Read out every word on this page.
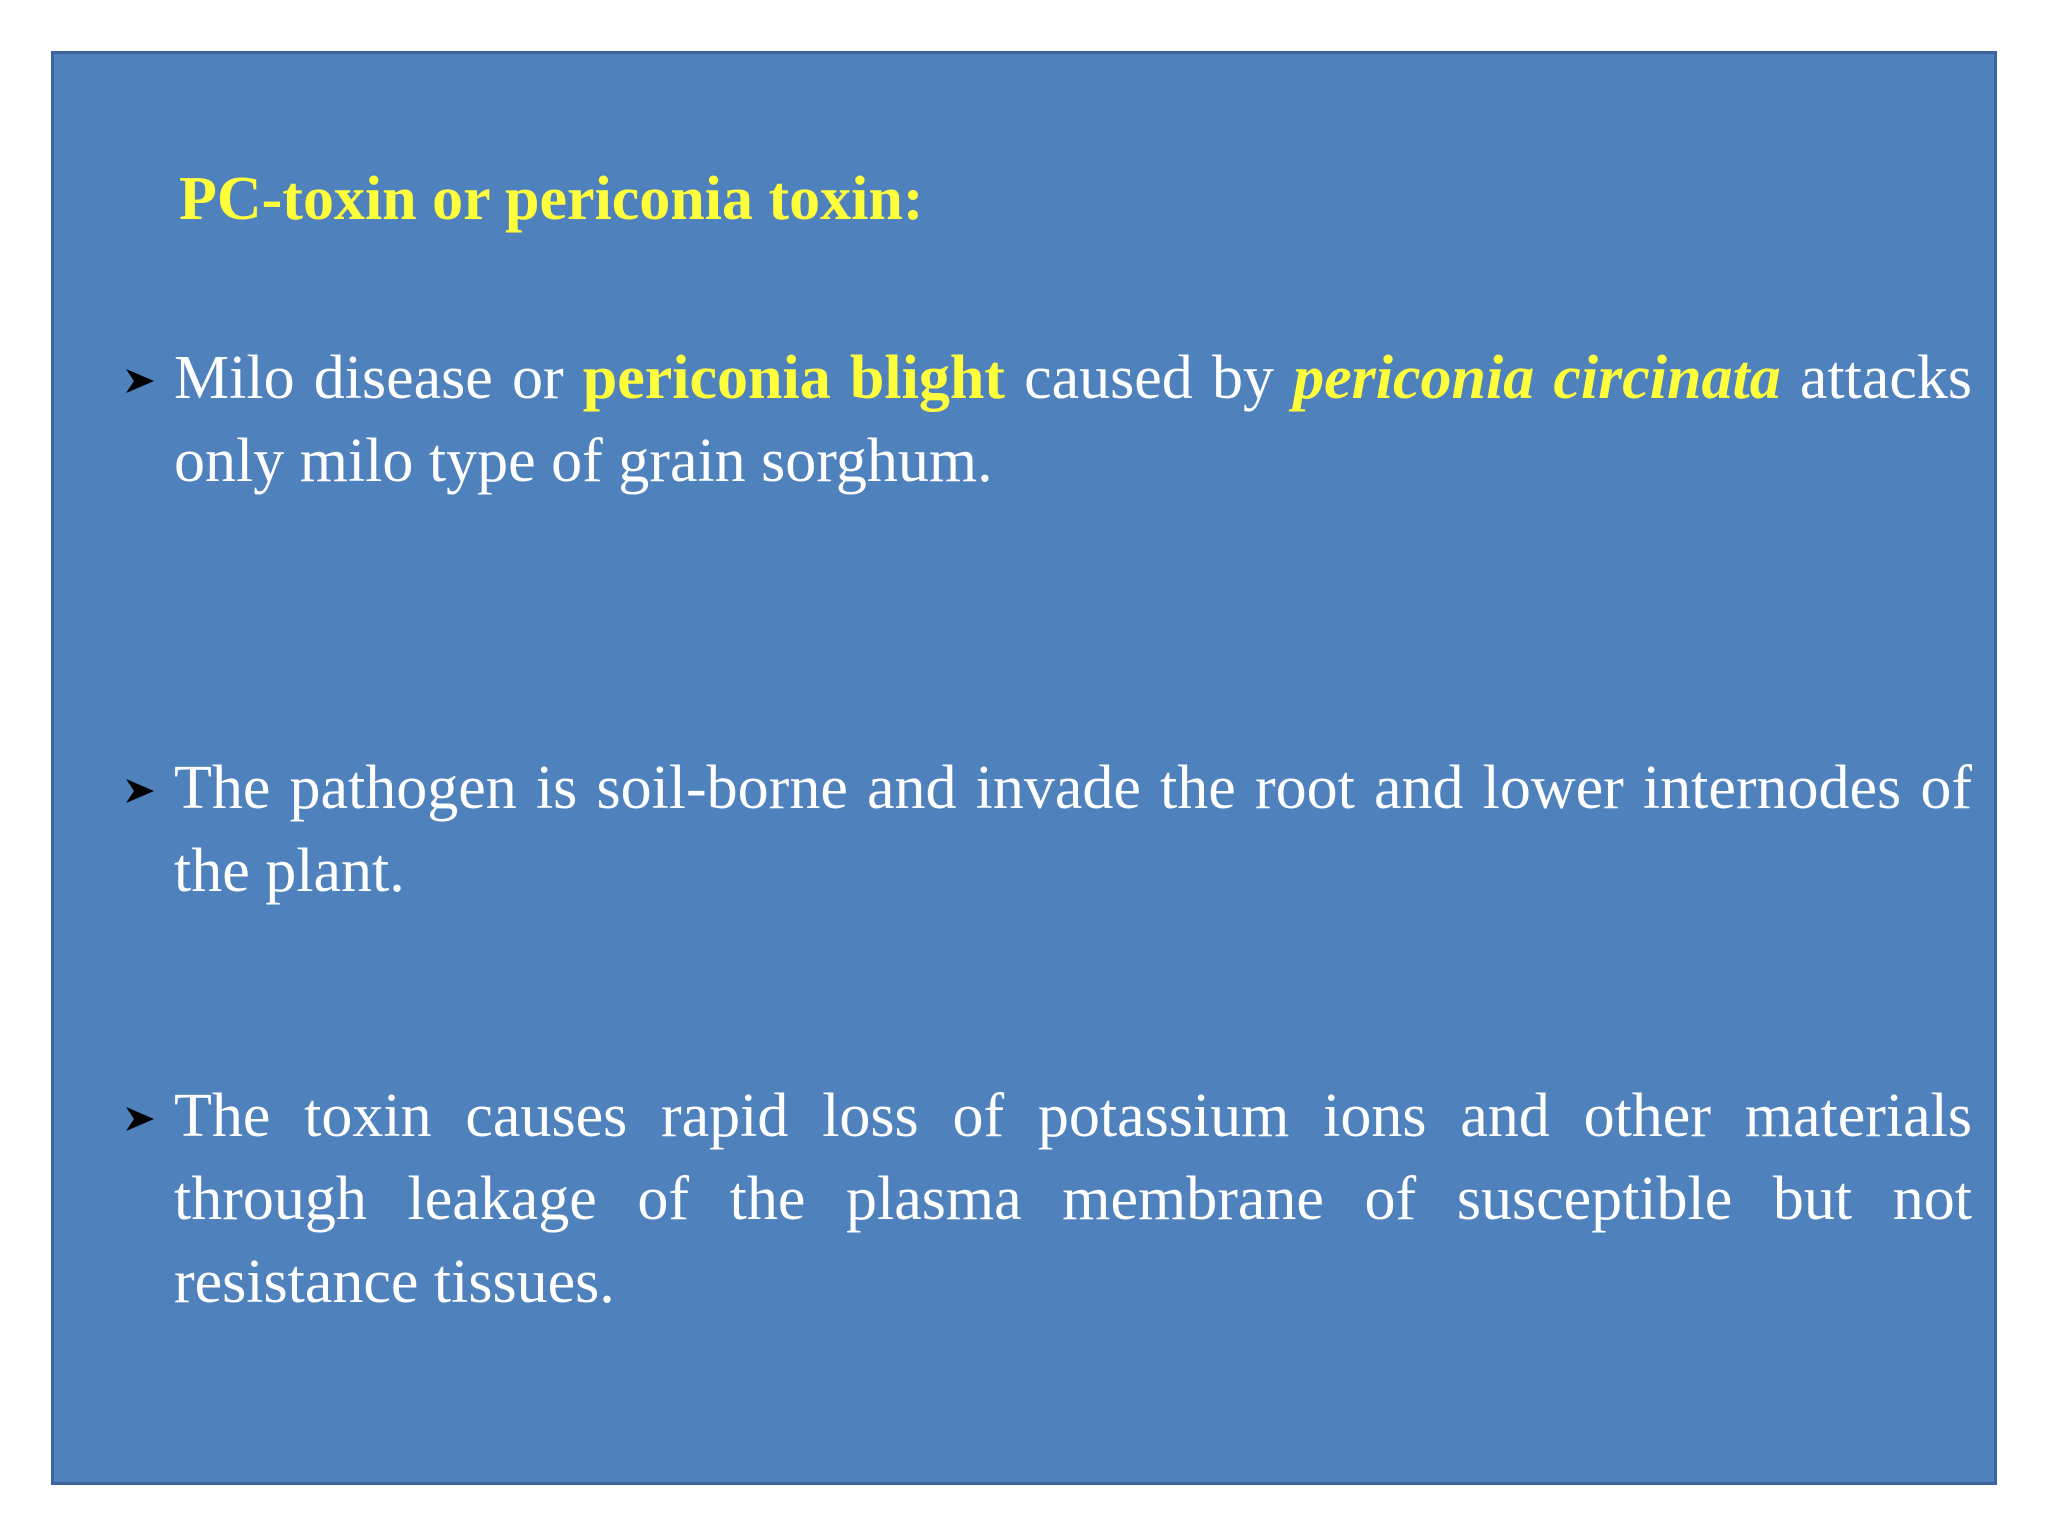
PC-toxin or periconia toxin:
Milo disease or periconia blight caused by periconia circinata attacks only milo type of grain sorghum.
The pathogen is soil-borne and invade the root and lower internodes of the plant.
The toxin causes rapid loss of potassium ions and other materials through leakage of the plasma membrane of susceptible but not resistance tissues.
